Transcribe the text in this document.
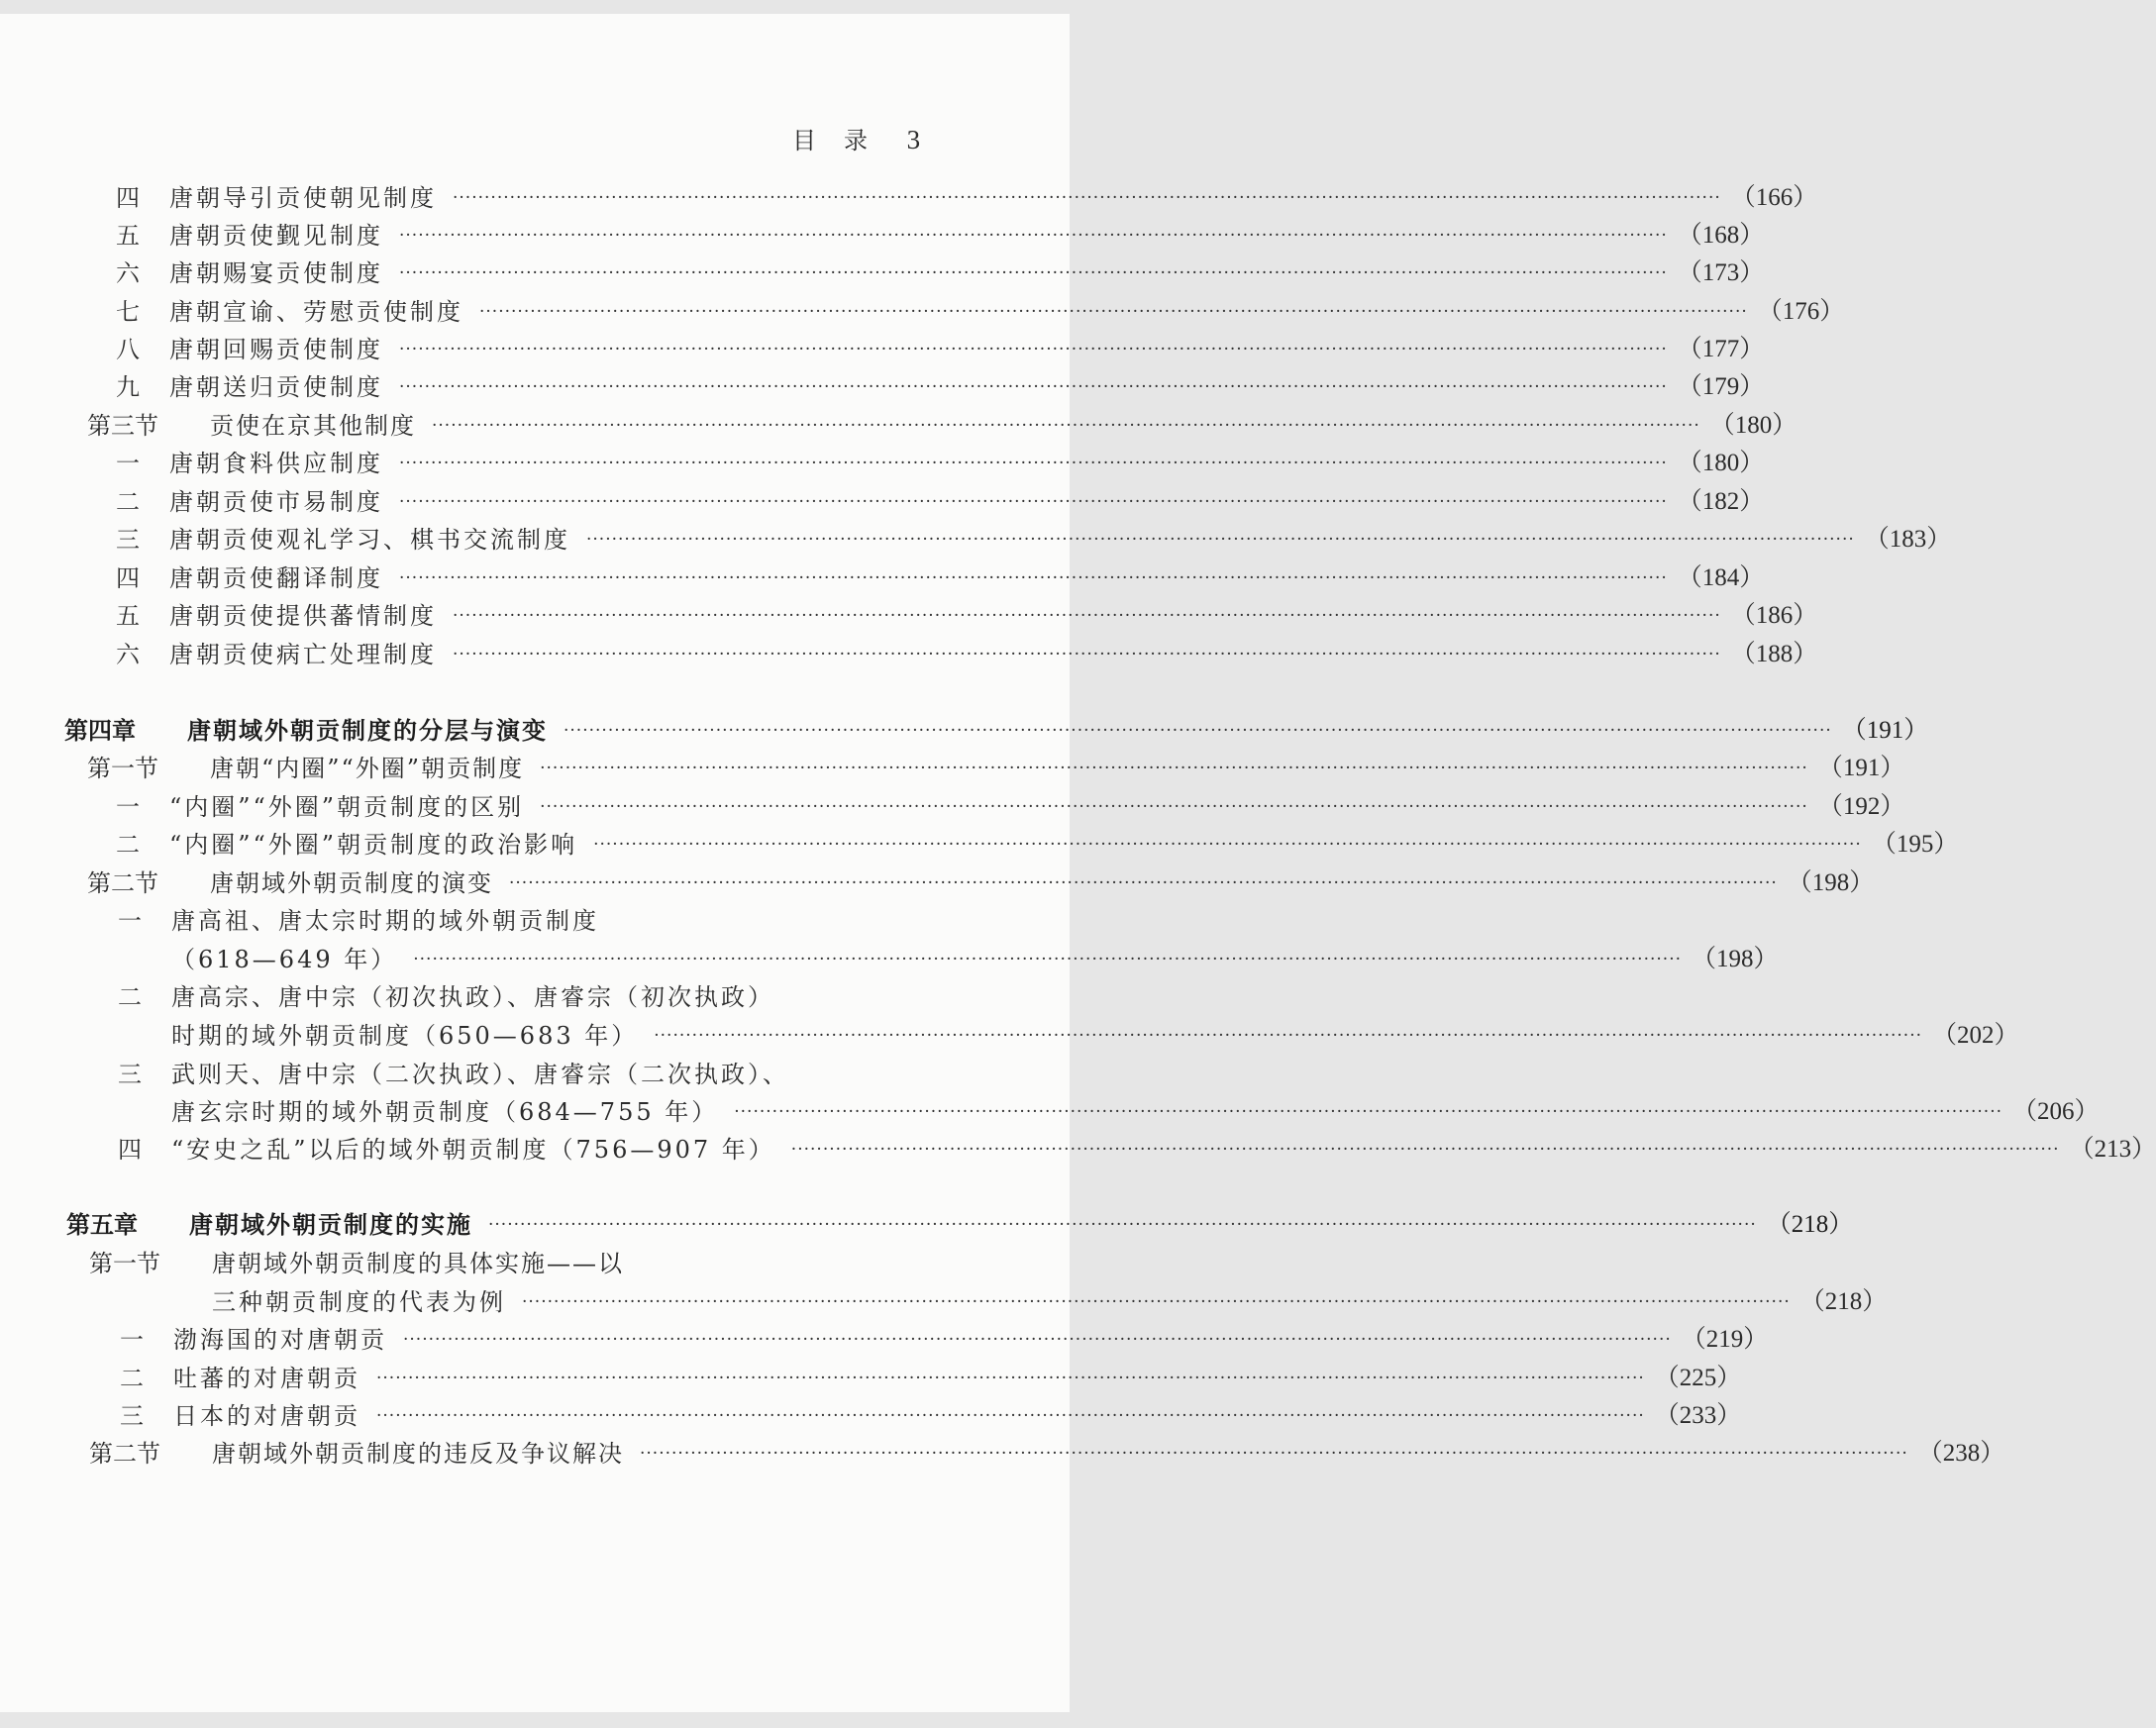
目　录 3
四	唐朝导引贡使朝见制度 ········································································································································································································ （166）
五	唐朝贡使觐见制度 ········································································································································································································ （168）
六	唐朝赐宴贡使制度 ········································································································································································································ （173）
七	唐朝宣谕、劳慰贡使制度 ········································································································································································································ （176）
八	唐朝回赐贡使制度 ········································································································································································································ （177）
九	唐朝送归贡使制度 ········································································································································································································ （179）
第三节	贡使在京其他制度 ········································································································································································································ （180）
一	唐朝食料供应制度 ········································································································································································································ （180）
二	唐朝贡使市易制度 ········································································································································································································ （182）
三	唐朝贡使观礼学习、棋书交流制度 ········································································································································································································ （183）
四	唐朝贡使翻译制度 ········································································································································································································ （184）
五	唐朝贡使提供蕃情制度 ········································································································································································································ （186）
六	唐朝贡使病亡处理制度 ········································································································································································································ （188）
第四章	唐朝域外朝贡制度的分层与演变 ········································································································································································································ （191）
第一节	唐朝“内圈”“外圈”朝贡制度 ········································································································································································································ （191）
一	“内圈”“外圈”朝贡制度的区别 ········································································································································································································ （192）
二	“内圈”“外圈”朝贡制度的政治影响 ········································································································································································································ （195）
第二节	唐朝域外朝贡制度的演变 ········································································································································································································ （198）
一	唐高祖、唐太宗时期的域外朝贡制度
（618—649 年） ········································································································································································································ （198）
二	唐高宗、唐中宗（初次执政）、唐睿宗（初次执政）
时期的域外朝贡制度（650—683 年） ········································································································································································································ （202）
三	武则天、唐中宗（二次执政）、唐睿宗（二次执政）、
唐玄宗时期的域外朝贡制度（684—755 年） ········································································································································································································ （206）
四	“安史之乱”以后的域外朝贡制度（756—907 年） ········································································································································································································ （213）
第五章	唐朝域外朝贡制度的实施 ········································································································································································································ （218）
第一节	唐朝域外朝贡制度的具体实施——以
三种朝贡制度的代表为例 ········································································································································································································ （218）
一	渤海国的对唐朝贡 ········································································································································································································ （219）
二	吐蕃的对唐朝贡 ········································································································································································································ （225）
三	日本的对唐朝贡 ········································································································································································································ （233）
第二节	唐朝域外朝贡制度的违反及争议解决 ········································································································································································································ （238）
